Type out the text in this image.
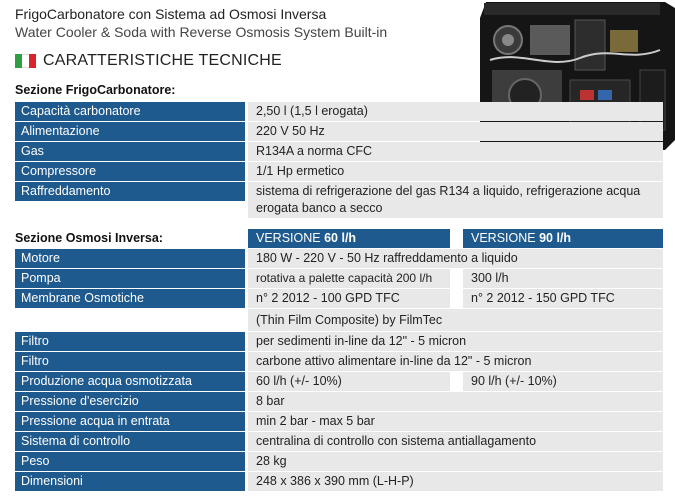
FrigoCarbonatore con Sistema ad Osmosi Inversa
Water Cooler & Soda with Reverse Osmosis System Built-in
CARATTERISTICHE TECNICHE
Sezione FrigoCarbonatore:
Capacità carbonatore	2,50 l (1,5 l erogata)
Alimentazione	220 V 50 Hz
Gas	R134A a norma CFC
Compressore	1/1 Hp ermetico
Raffreddamento	sistema di refrigerazione del gas R134 a liquido, refrigerazione acqua erogata banco a secco
Sezione Osmosi Inversa:	VERSIONE 60 l/h	VERSIONE 90 l/h
Motore	180 W - 220 V - 50 Hz raffreddamento a liquido
Pompa	rotativa a palette capacità 200 l/h	300 l/h
Membrane Osmotiche	n° 2 2012 - 100 GPD TFC	n° 2 2012 - 150 GPD TFC
(Thin Film Composite) by FilmTec
Filtro	per sedimenti in-line da 12" - 5 micron
Filtro	carbone attivo alimentare in-line da 12" - 5 micron
Produzione acqua osmotizzata	60 l/h (+/- 10%)	90 l/h (+/- 10%)
Pressione d'esercizio	8 bar
Pressione acqua in entrata	min 2 bar - max 5 bar
Sistema di controllo	centralina di controllo con sistema antiallagamento
Peso	28 kg
Dimensioni	248 x 386 x 390 mm (L-H-P)
